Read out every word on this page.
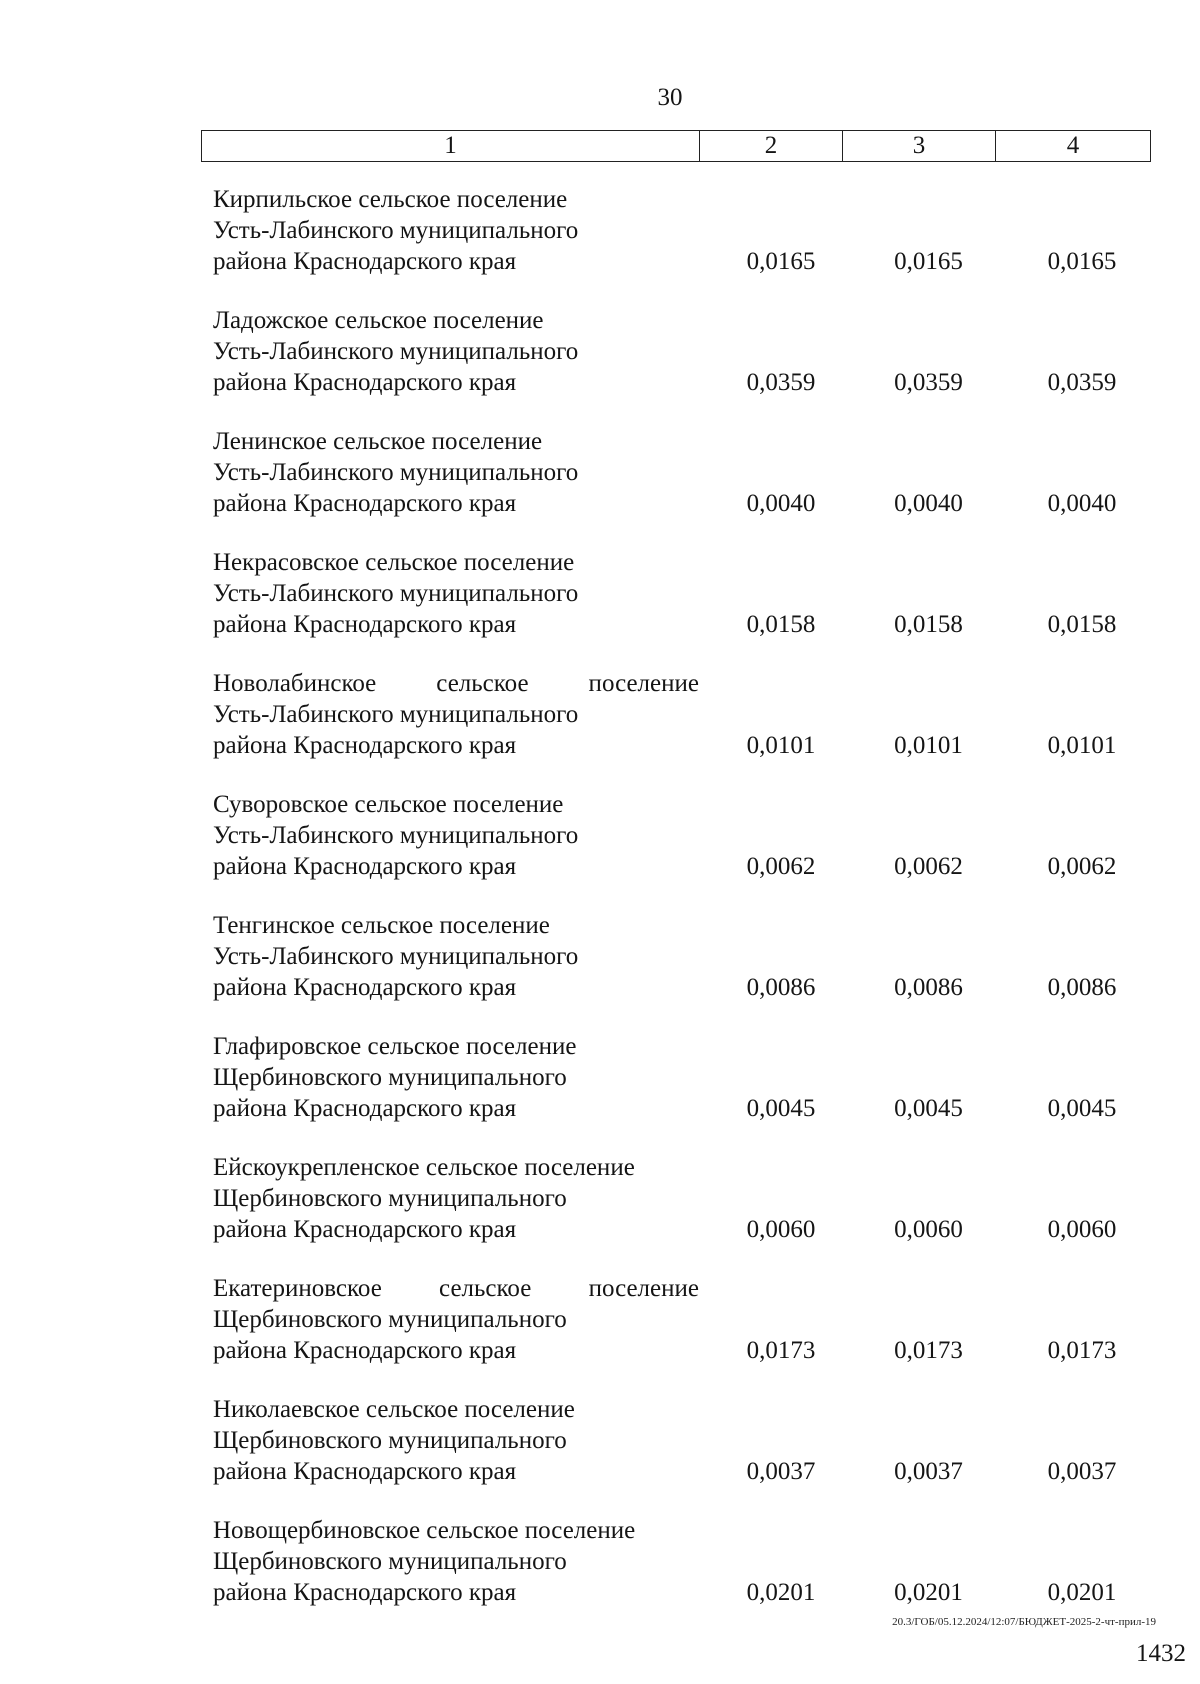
30
1	2	3	4
Кирпильское сельское поселение
Усть-Лабинского муниципального
района Краснодарского края	0,0165	0,0165	0,0165
Ладожское сельское поселение
Усть-Лабинского муниципального
района Краснодарского края	0,0359	0,0359	0,0359
Ленинское сельское поселение
Усть-Лабинского муниципального
района Краснодарского края	0,0040	0,0040	0,0040
Некрасовское сельское поселение
Усть-Лабинского муниципального
района Краснодарского края	0,0158	0,0158	0,0158
Новолабинское сельское поселение
Усть-Лабинского муниципального
района Краснодарского края	0,0101	0,0101	0,0101
Суворовское сельское поселение
Усть-Лабинского муниципального
района Краснодарского края	0,0062	0,0062	0,0062
Тенгинское сельское поселение
Усть-Лабинского муниципального
района Краснодарского края	0,0086	0,0086	0,0086
Глафировское сельское поселение
Щербиновского муниципального
района Краснодарского края	0,0045	0,0045	0,0045
Ейскоукрепленское сельское поселение
Щербиновского муниципального
района Краснодарского края	0,0060	0,0060	0,0060
Екатериновское сельское поселение
Щербиновского муниципального
района Краснодарского края	0,0173	0,0173	0,0173
Николаевское сельское поселение
Щербиновского муниципального
района Краснодарского края	0,0037	0,0037	0,0037
Новощербиновское сельское поселение
Щербиновского муниципального
района Краснодарского края	0,0201	0,0201	0,0201
20.3/ГОБ/05.12.2024/12:07/БЮДЖЕТ-2025-2-чт-прил-19
1432
